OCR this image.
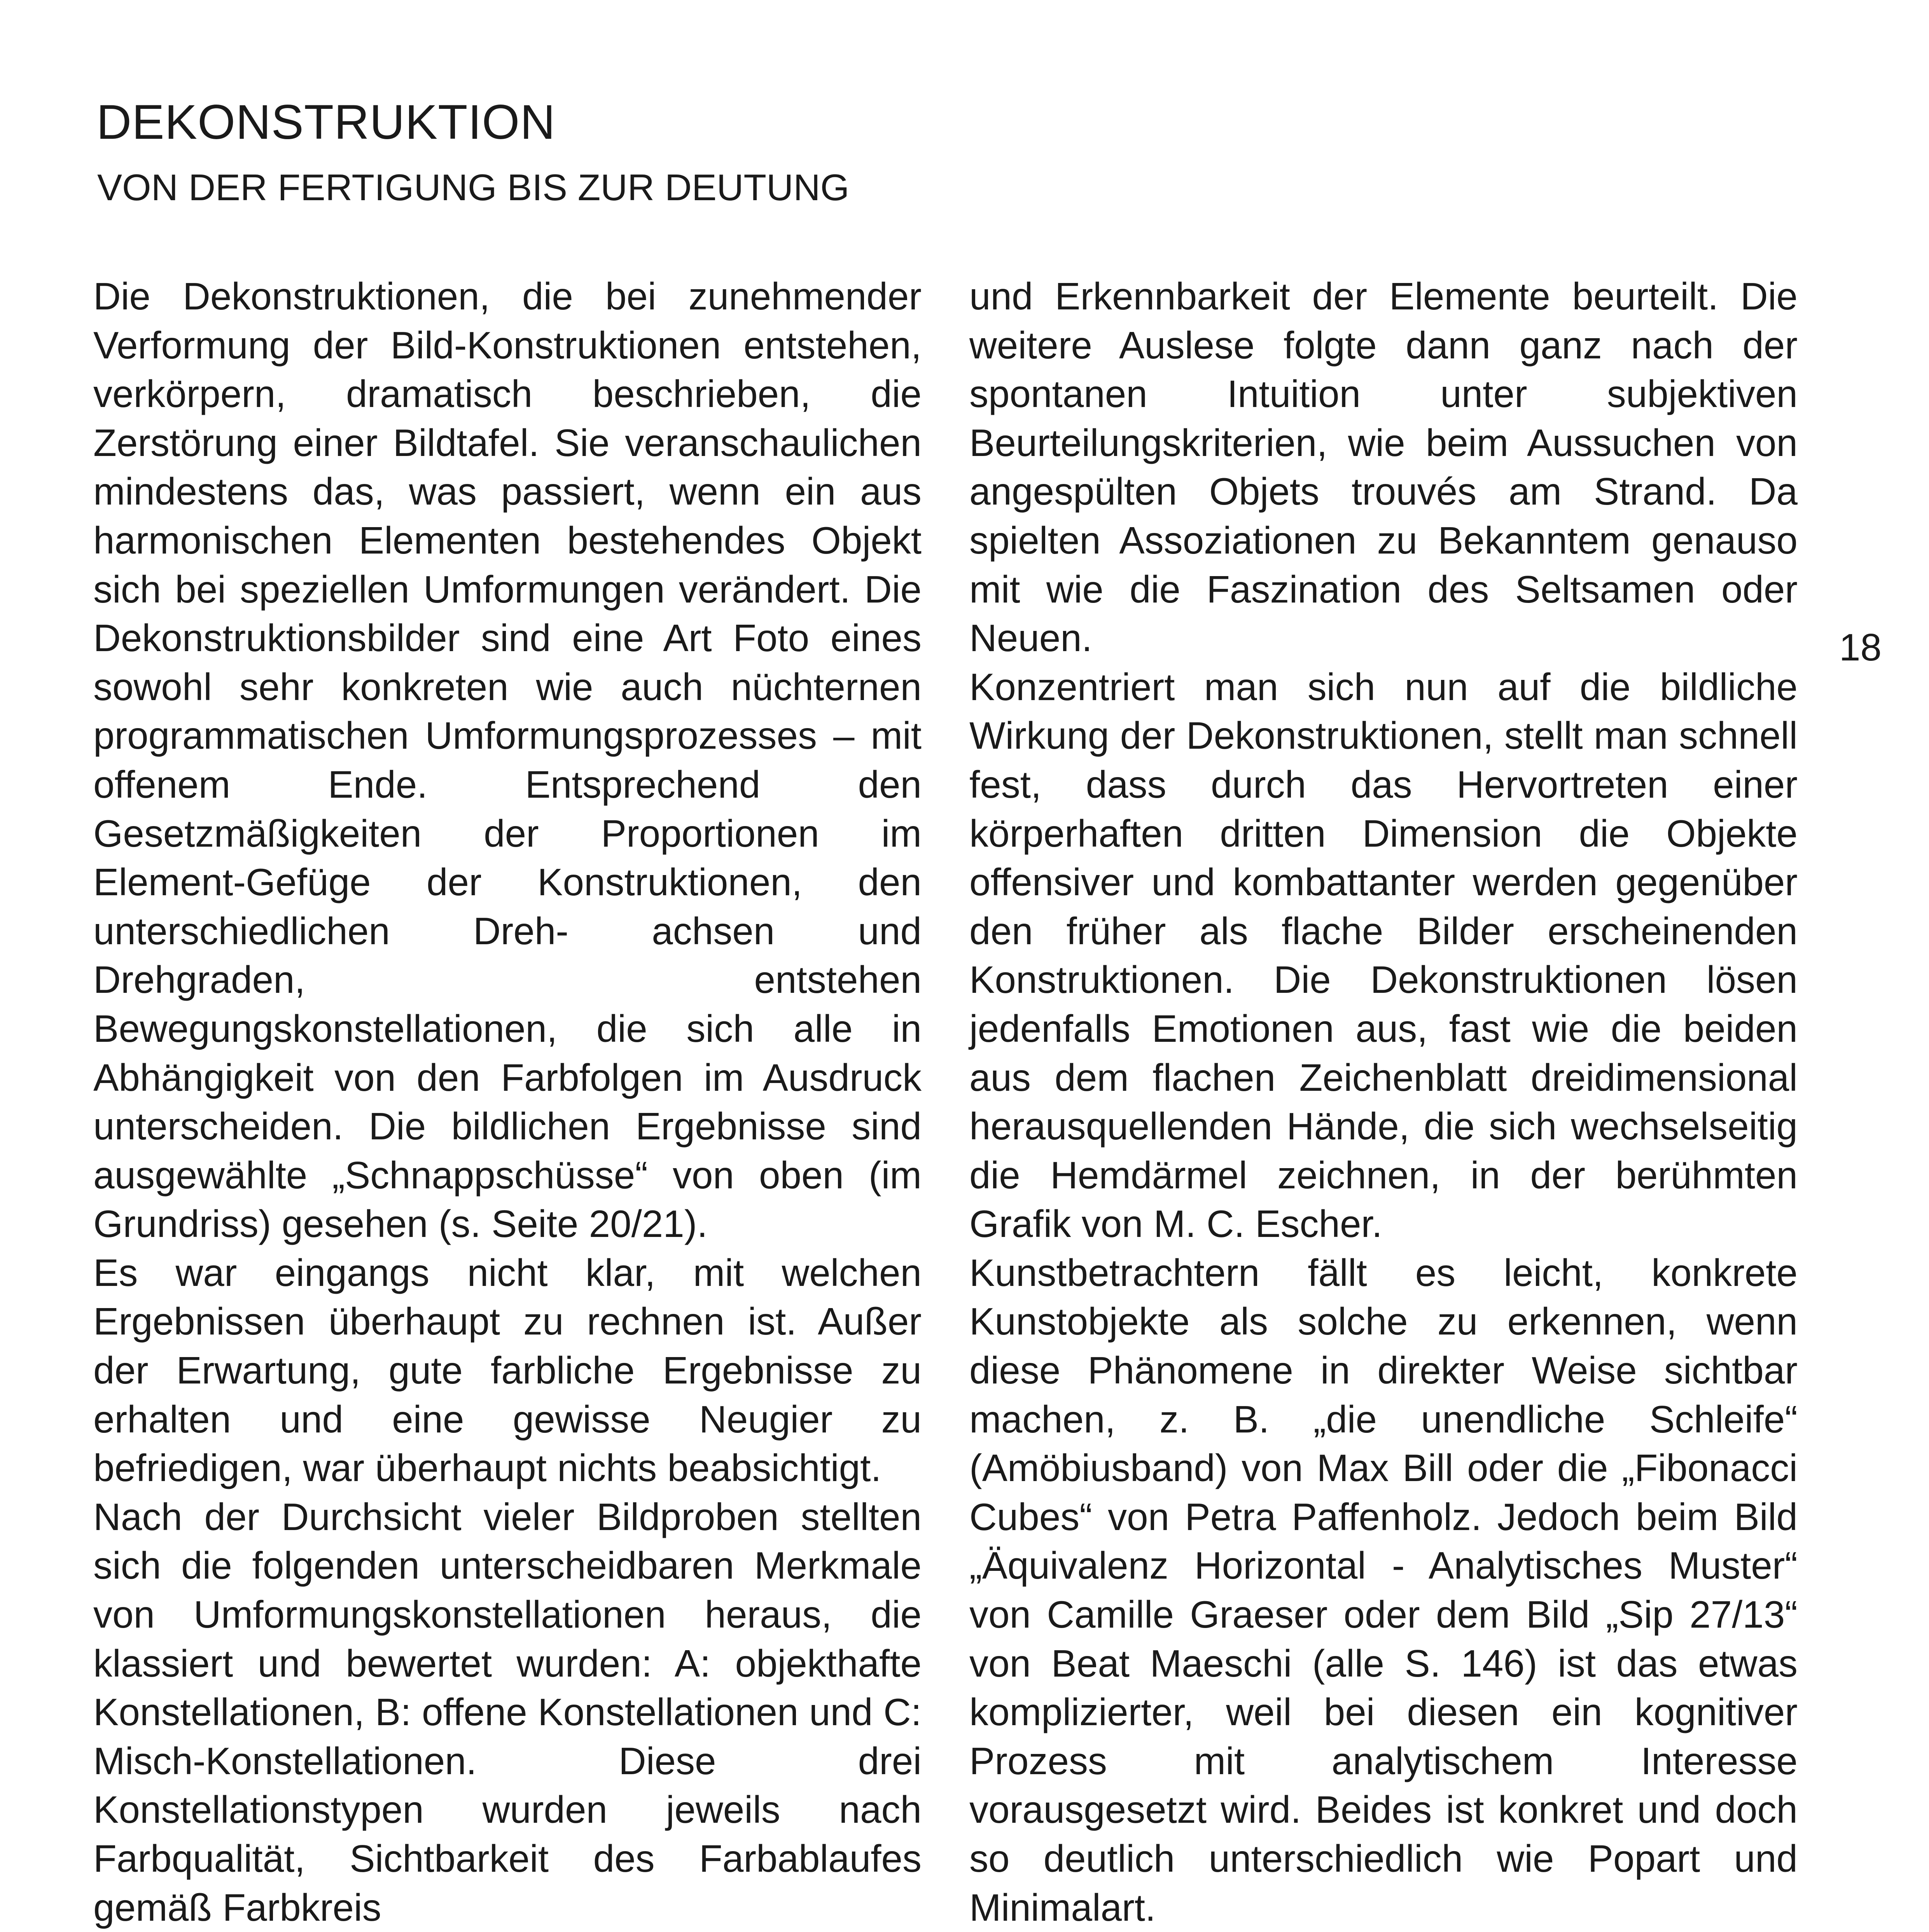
DEKONSTRUKTION
VON DER FERTIGUNG BIS ZUR DEUTUNG

Die Dekonstruktionen, die bei zunehmender Verformung der Bild-Konstruktionen entstehen, verkörpern, dramatisch beschrieben, die Zerstörung einer Bildtafel. Sie veranschaulichen mindestens das, was passiert, wenn ein aus harmonischen Elementen bestehendes Objekt sich bei speziellen Umformungen verändert. Die Dekonstruktionsbilder sind eine Art Foto eines sowohl sehr konkreten wie auch nüchternen programmatischen Umformungsprozesses – mit offenem Ende. Entsprechend den Gesetzmäßigkeiten der Proportionen im Element-Gefüge der Konstruktionen, den unterschiedlichen Dreh- achsen und Drehgraden, entstehen Bewegungskonstellationen, die sich alle in Abhängigkeit von den Farbfolgen im Ausdruck unterscheiden. Die bildlichen Ergebnisse sind ausgewählte „Schnappschüsse“ von oben (im Grundriss) gesehen (s. Seite 20/21).

Es war eingangs nicht klar, mit welchen Ergebnissen überhaupt zu rechnen ist. Außer der Erwartung, gute farbliche Ergebnisse zu erhalten und eine gewisse Neugier zu befriedigen, war überhaupt nichts beabsichtigt.

Nach der Durchsicht vieler Bildproben stellten sich die folgenden unterscheidbaren Merkmale von Umformungskonstellationen heraus, die klassiert und bewertet wurden: A: objekthafte Konstellationen, B: offene Konstellationen und C: Misch-Konstellationen. Diese drei Konstellationstypen wurden jeweils nach Farbqualität, Sichtbarkeit des Farbablaufes gemäß Farbkreis

und Erkennbarkeit der Elemente beurteilt. Die weitere Auslese folgte dann ganz nach der spontanen Intuition unter subjektiven Beurteilungskriterien, wie beim Aussuchen von angespülten Objets trouvés am Strand. Da spielten Assoziationen zu Bekanntem genauso mit wie die Faszination des Seltsamen oder Neuen.

Konzentriert man sich nun auf die bildliche Wirkung der Dekonstruktionen, stellt man schnell fest, dass durch das Hervortreten einer körperhaften dritten Dimension die Objekte offensiver und kombattanter werden gegenüber den früher als flache Bilder erscheinenden Konstruktionen. Die Dekonstruktionen lösen jedenfalls Emotionen aus, fast wie die beiden aus dem flachen Zeichenblatt dreidimensional herausquellenden Hände, die sich wechselseitig die Hemdärmel zeichnen, in der berühmten Grafik von M. C. Escher.

Kunstbetrachtern fällt es leicht, konkrete Kunstobjekte als solche zu erkennen, wenn diese Phänomene in direkter Weise sichtbar machen, z. B. „die unendliche Schleife“ (Amöbiusband) von Max Bill oder die „Fibonacci Cubes“ von Petra Paffenholz. Jedoch beim Bild „Äquivalenz Horizontal - Analytisches Muster“ von Camille Graeser oder dem Bild „Sip 27/13“ von Beat Maeschi (alle S. 146) ist das etwas komplizierter, weil bei diesen ein kognitiver Prozess mit analytischem Interesse vorausgesetzt wird. Beides ist konkret und doch so deutlich unterschiedlich wie Popart und Minimalart.

18
